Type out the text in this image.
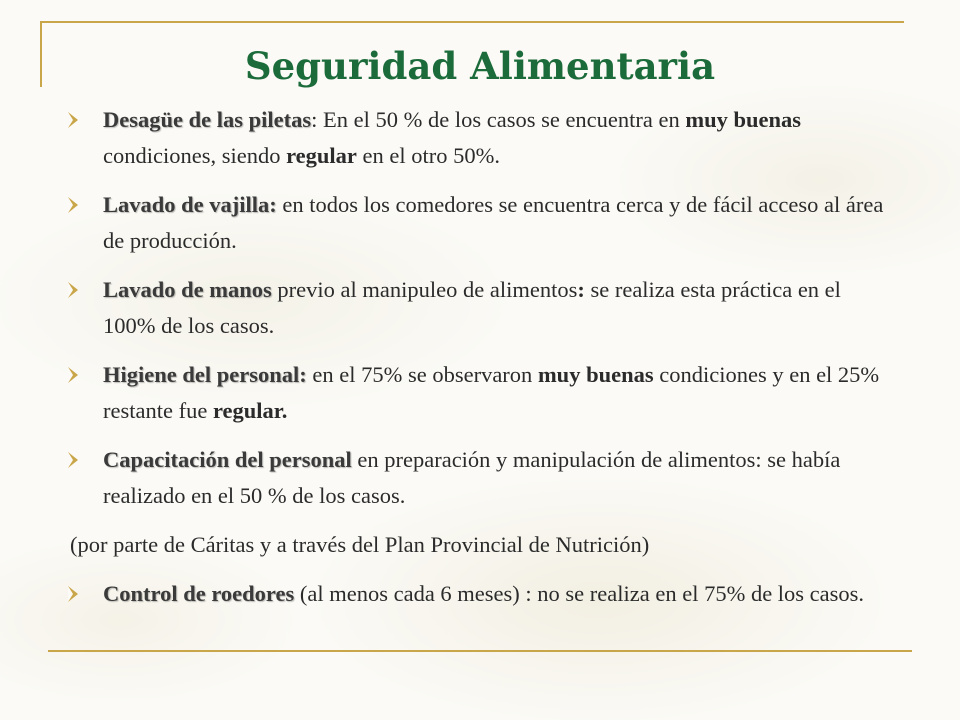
Seguridad Alimentaria
Desagüe de las piletas: En el 50 % de los casos se encuentra en muy buenas condiciones, siendo regular en el otro 50%.
Lavado de vajilla: en todos los comedores se encuentra cerca y de fácil acceso al área de producción.
Lavado de manos previo al manipuleo de alimentos: se realiza esta práctica en el 100% de los casos.
Higiene del personal: en el 75% se observaron muy buenas condiciones y en el 25% restante fue regular.
Capacitación del personal en preparación y manipulación de alimentos: se había realizado en el 50 % de los casos.
(por parte de Cáritas y a través del Plan Provincial de Nutrición)
Control de roedores (al menos cada 6 meses) : no se realiza en el 75% de los casos.
